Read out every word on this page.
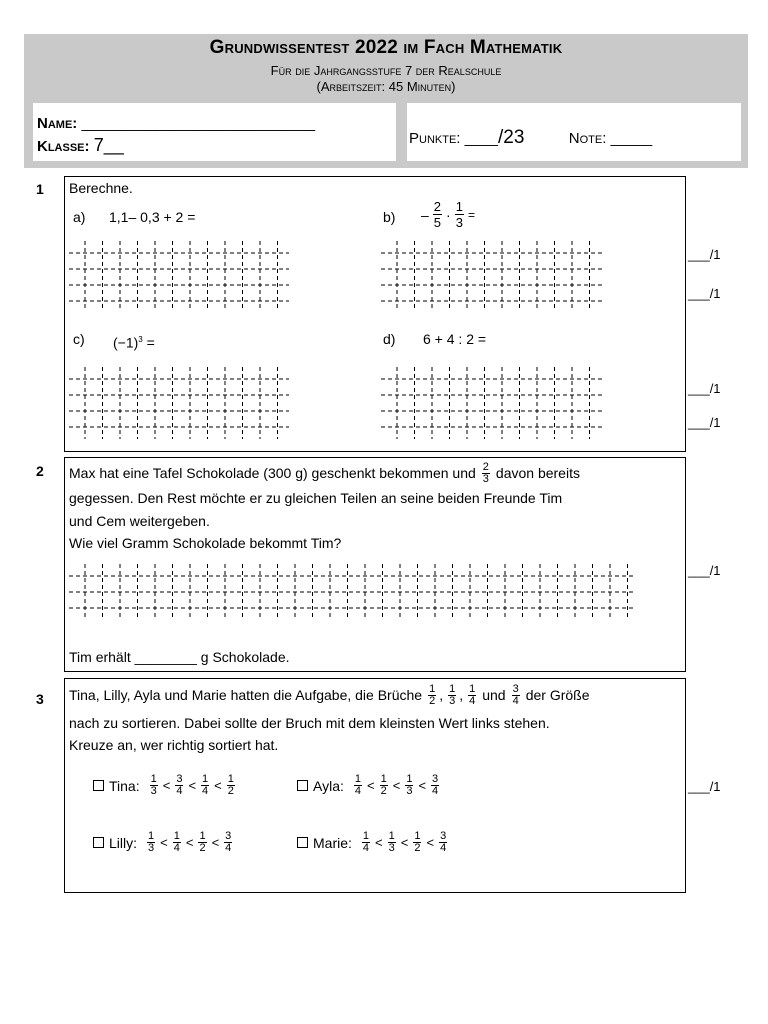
Grundwissentest 2022 im Fach Mathematik
Für die Jahrgangsstufe 7 der Realschule
(Arbeitszeit: 45 Minuten)
Name: ____________________________
Klasse: 7__	Punkte: ____/23	Note: _____
1 Berechne.
a) 1,1– 0,3 + 2 =	$b) - \frac{2}{5} \cdot \frac{1}{3}$ =
c) $(-1)^3$ =	d) 6 + 4 : 2 =
___/1
___/1
___/1
___/1
2 Max hat eine Tafel Schokolade (300 g) geschenkt bekommen und $\frac{2}{3}$ davon bereits
gegessen. Den Rest möchte er zu gleichen Teilen an seine beiden Freunde Tim
und Cem weitergeben.
Wie viel Gramm Schokolade bekommt Tim?
Tim erhält ________ g Schokolade.
___/1
3 Tina, Lilly, Ayla und Marie hatten die Aufgabe, die Brüche $\frac{1}{2}$ , $\frac{1}{3}$ , $\frac{1}{4}$ und $\frac{3}{4}$ der Größe
nach zu sortieren. Dabei sollte der Bruch mit dem kleinsten Wert links stehen.
Kreuze an, wer richtig sortiert hat.
Tina: $\frac{1}{3} < \frac{3}{4} < \frac{1}{4} < \frac{1}{2}$	Ayla: $\frac{1}{4} < \frac{1}{2} < \frac{1}{3} < \frac{3}{4}$
Lilly: $\frac{1}{3} < \frac{1}{4} < \frac{1}{2} < \frac{3}{4}$	Marie: $\frac{1}{4} < \frac{1}{3} < \frac{1}{2} < \frac{3}{4}$
___/1
